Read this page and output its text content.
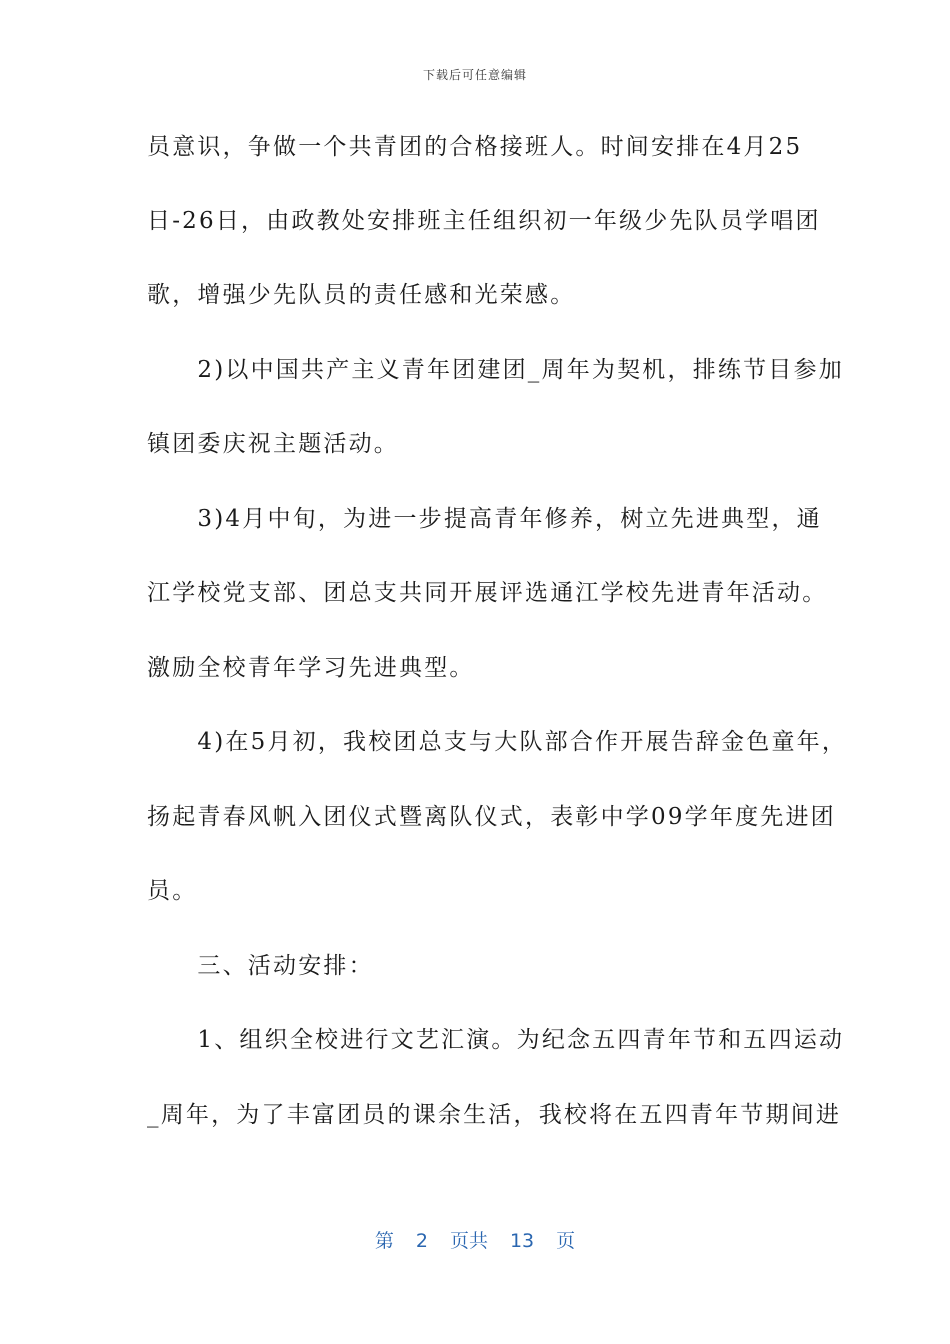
下载后可任意编辑
员意识，争做一个共青团的合格接班人。时间安排在4月25
日-26日，由政教处安排班主任组织初一年级少先队员学唱团
歌，增强少先队员的责任感和光荣感。
　　2)以中国共产主义青年团建团_周年为契机，排练节目参加
镇团委庆祝主题活动。
　　3)4月中旬，为进一步提高青年修养，树立先进典型，通
江学校党支部、团总支共同开展评选通江学校先进青年活动。
激励全校青年学习先进典型。
　　4)在5月初，我校团总支与大队部合作开展告辞金色童年，
扬起青春风帆入团仪式暨离队仪式，表彰中学09学年度先进团
员。
　　三、活动安排：
　　1、组织全校进行文艺汇演。为纪念五四青年节和五四运动
_周年，为了丰富团员的课余生活，我校将在五四青年节期间进
第 2 页共 13 页
